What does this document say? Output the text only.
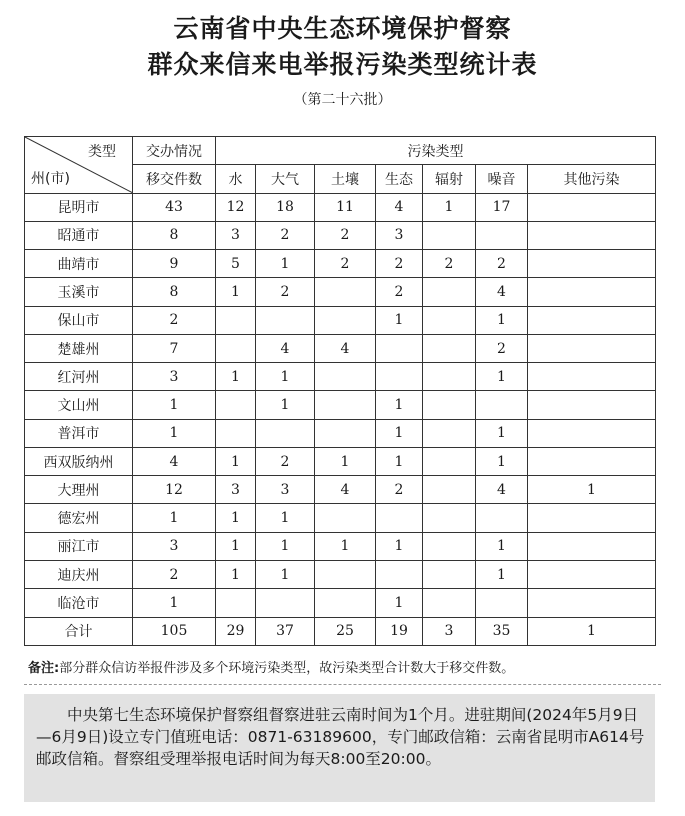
云南省中央生态环境保护督察
群众来信来电举报污染类型统计表
（第二十六批）
类型
州(市)	交办情况	污染类型						
	移交件数	水	大气	土壤	生态	辐射	噪音	其他污染
昆明市	43	12	18	11	4	1	17	
昭通市	8	3	2	2	3			
曲靖市	9	5	1	2	2	2	2	
玉溪市	8	1	2		2		4	
保山市	2				1		1	
楚雄州	7		4	4			2	
红河州	3	1	1				1	
文山州	1		1		1			
普洱市	1				1		1	
西双版纳州	4	1	2	1	1		1	
大理州	12	3	3	4	2		4	1
德宏州	1	1	1					
丽江市	3	1	1	1	1		1	
迪庆州	2	1	1				1	
临沧市	1				1			
合计	105	29	37	25	19	3	35	1
备注:部分群众信访举报件涉及多个环境污染类型，故污染类型合计数大于移交件数。

中央第七生态环境保护督察组督察进驻云南时间为1个月。进驻期间(2024年5月9日—6月9日)设立专门值班电话：0871-63189600，专门邮政信箱：云南省昆明市A614号邮政信箱。督察组受理举报电话时间为每天8:00至20:00。
